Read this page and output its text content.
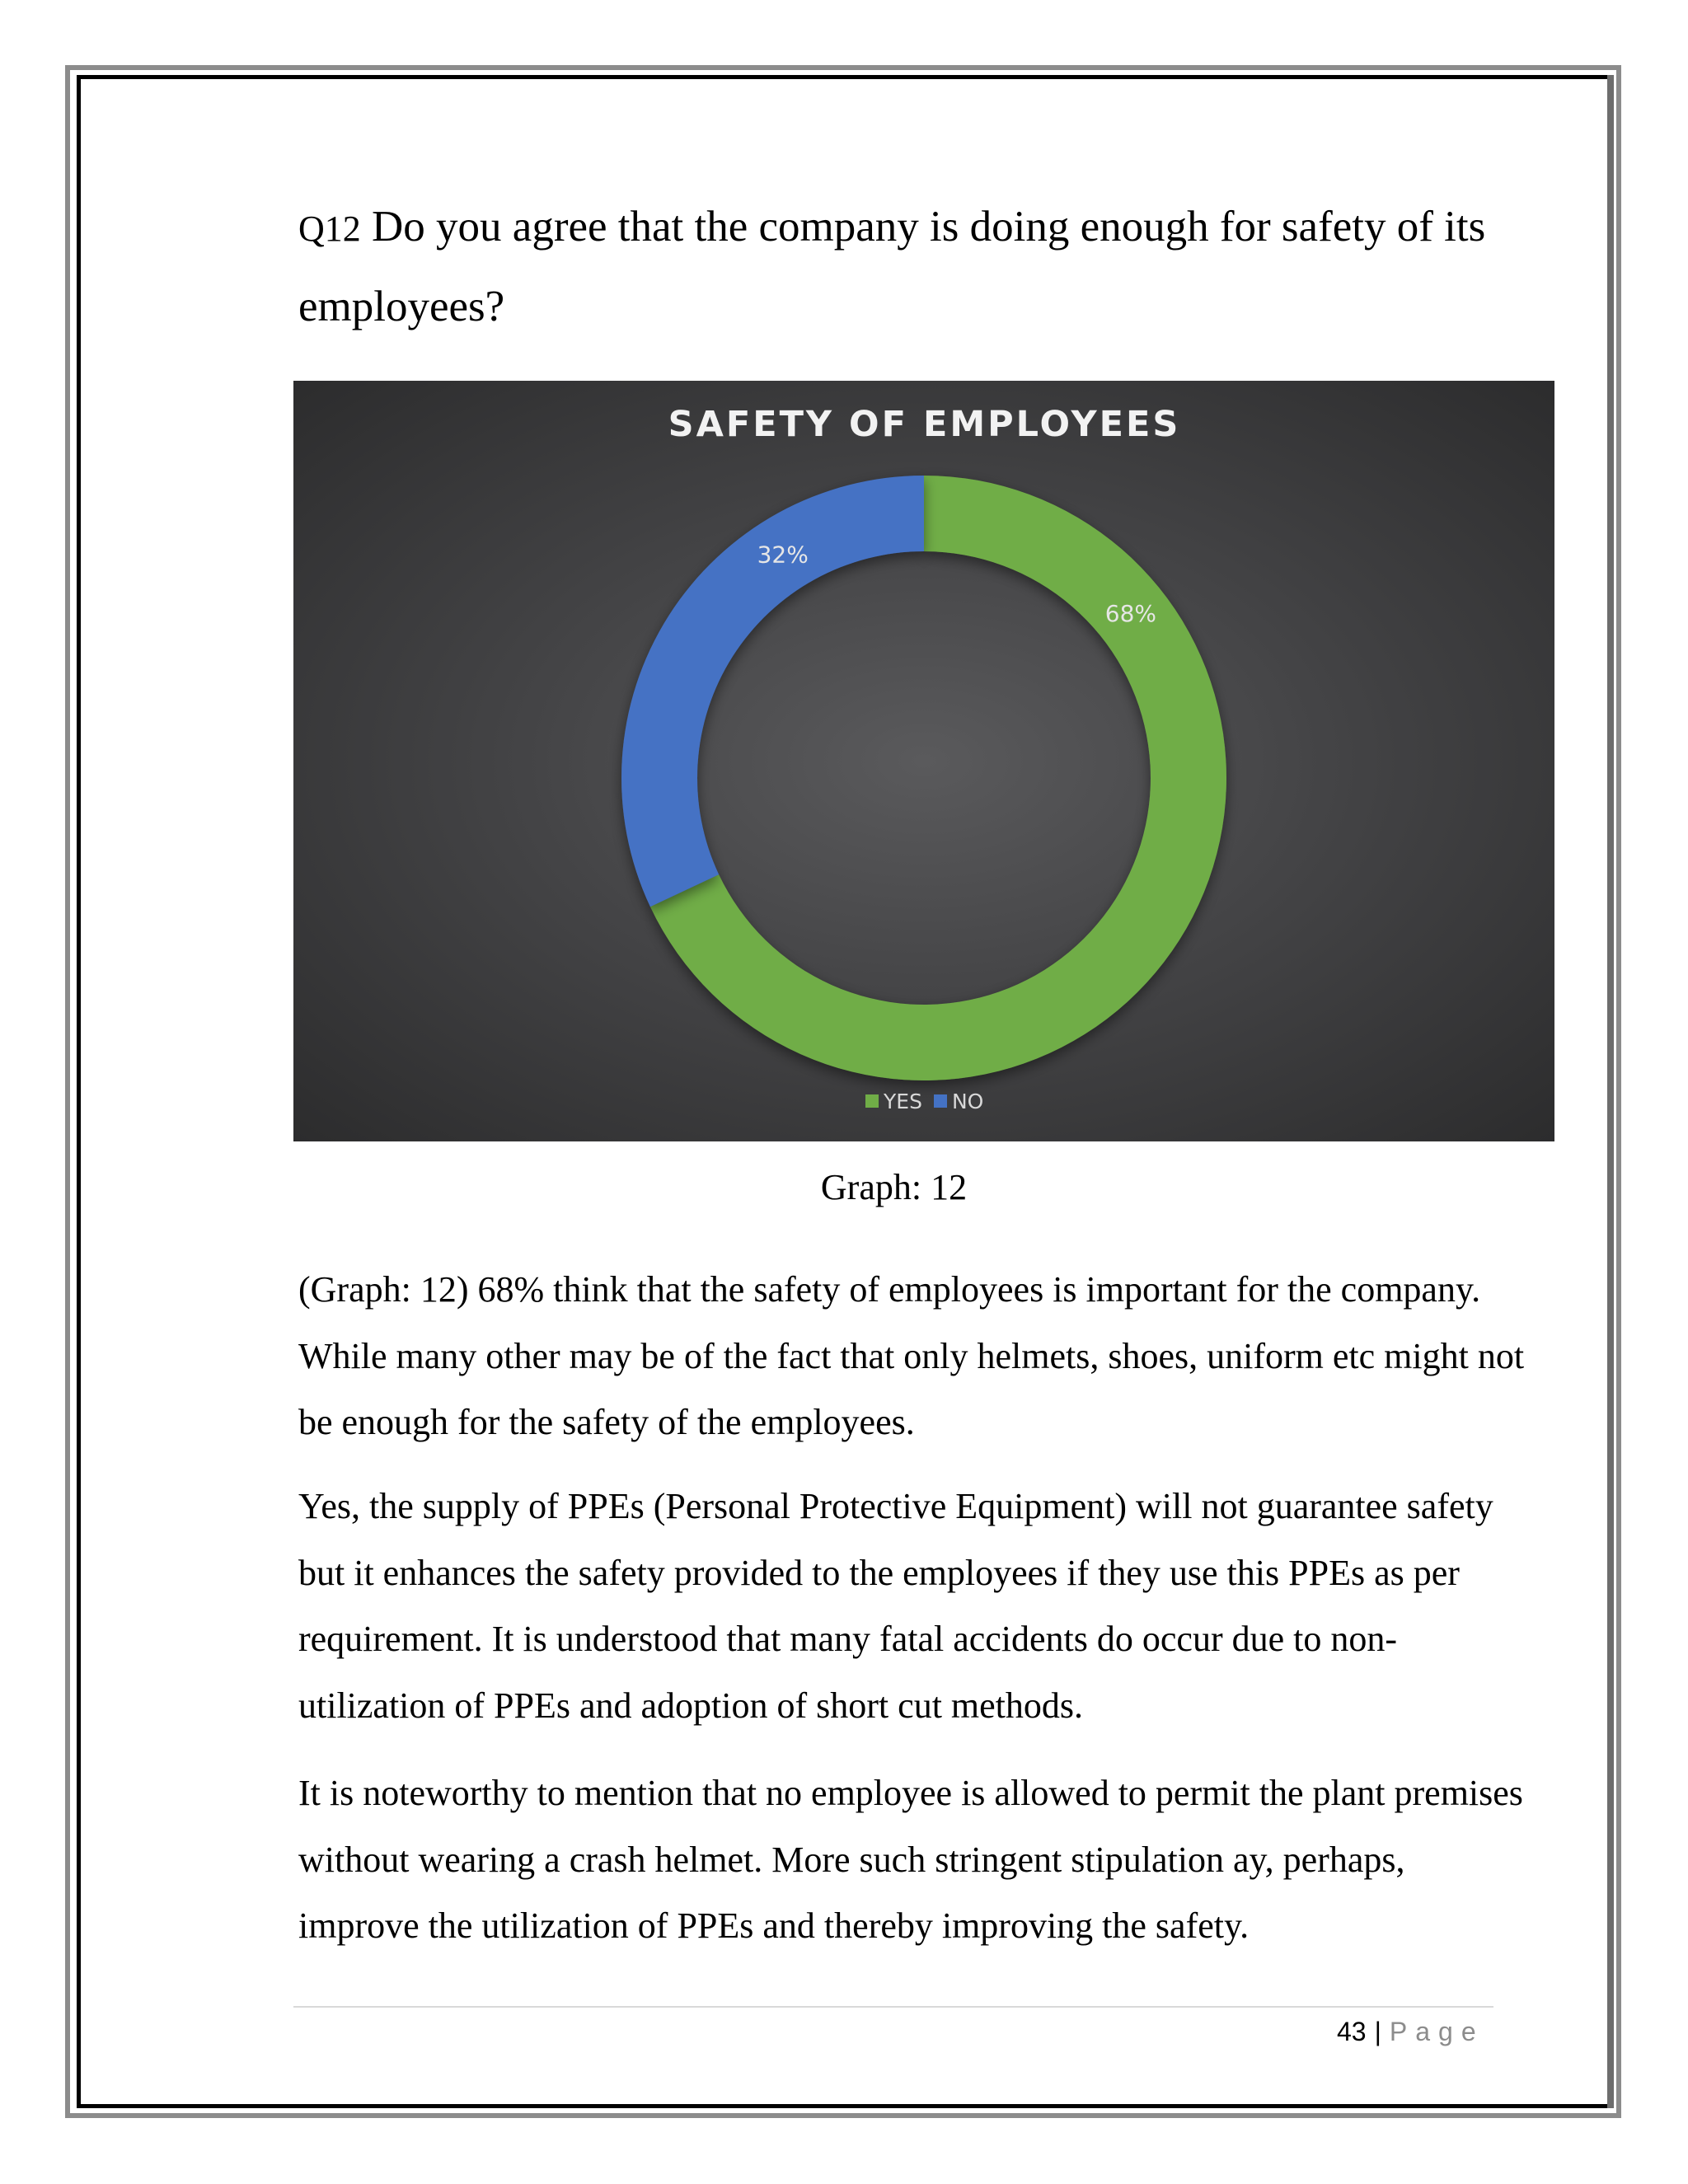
Q12 Do you agree that the company is doing enough for safety of its employees?
68%
32%
SAFETY OF EMPLOYEES
YES NO
Graph: 12

(Graph: 12) 68% think that the safety of employees is important for the company. While many other may be of the fact that only helmets, shoes, uniform etc might not be enough for the safety of the employees.

Yes, the supply of PPEs (Personal Protective Equipment) will not guarantee safety but it enhances the safety provided to the employees if they use this PPEs as per requirement. It is understood that many fatal accidents do occur due to non-utilization of PPEs and adoption of short cut methods.

It is noteworthy to mention that no employee is allowed to permit the plant premises without wearing a crash helmet. More such stringent stipulation ay, perhaps, improve the utilization of PPEs and thereby improving the safety.

43 | Page
